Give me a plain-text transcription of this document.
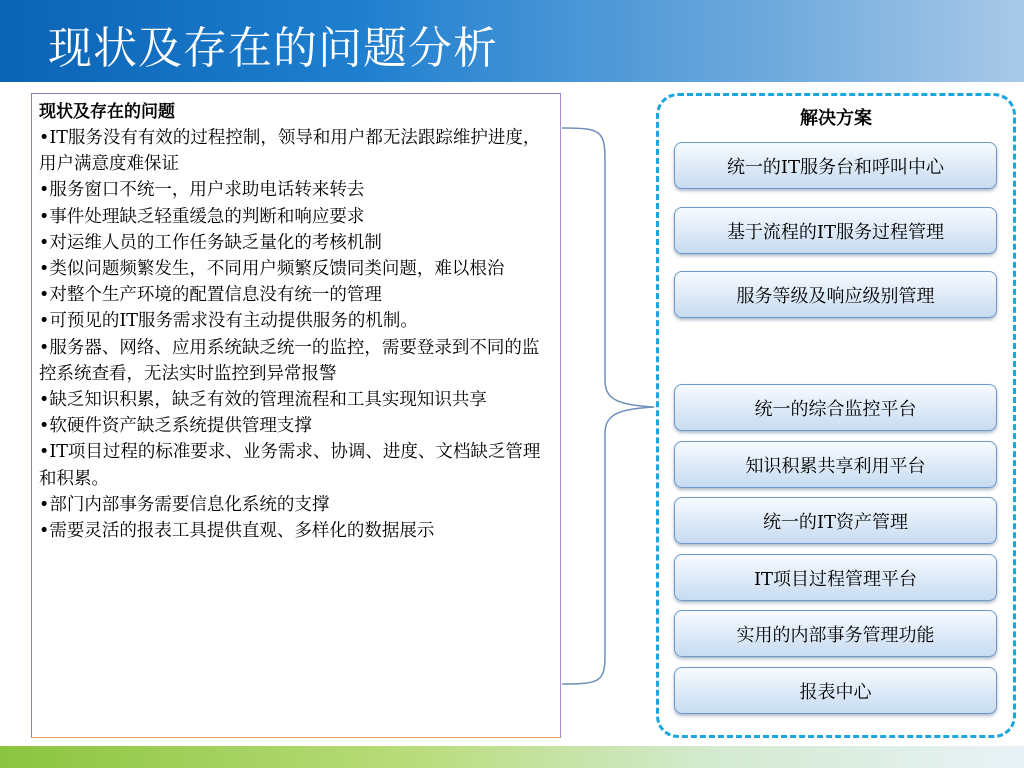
现状及存在的问题分析
现状及存在的问题
• IT服务没有有效的过程控制，领导和用户都无法跟踪维护进度，用户满意度难保证
• 服务窗口不统一，用户求助电话转来转去
• 事件处理缺乏轻重缓急的判断和响应要求
• 对运维人员的工作任务缺乏量化的考核机制
• 类似问题频繁发生，不同用户频繁反馈同类问题，难以根治
• 对整个生产环境的配置信息没有统一的管理
• 可预见的IT服务需求没有主动提供服务的机制。
• 服务器、网络、应用系统缺乏统一的监控，需要登录到不同的监控系统查看，无法实时监控到异常报警
• 缺乏知识积累，缺乏有效的管理流程和工具实现知识共享
• 软硬件资产缺乏系统提供管理支撑
• IT项目过程的标准要求、业务需求、协调、进度、文档缺乏管理和积累。
• 部门内部事务需要信息化系统的支撑
• 需要灵活的报表工具提供直观、多样化的数据展示
解决方案
统一的IT服务台和呼叫中心
基于流程的IT服务过程管理
服务等级及响应级别管理
统一的综合监控平台
知识积累共享利用平台
统一的IT资产管理
IT项目过程管理平台
实用的内部事务管理功能
报表中心
